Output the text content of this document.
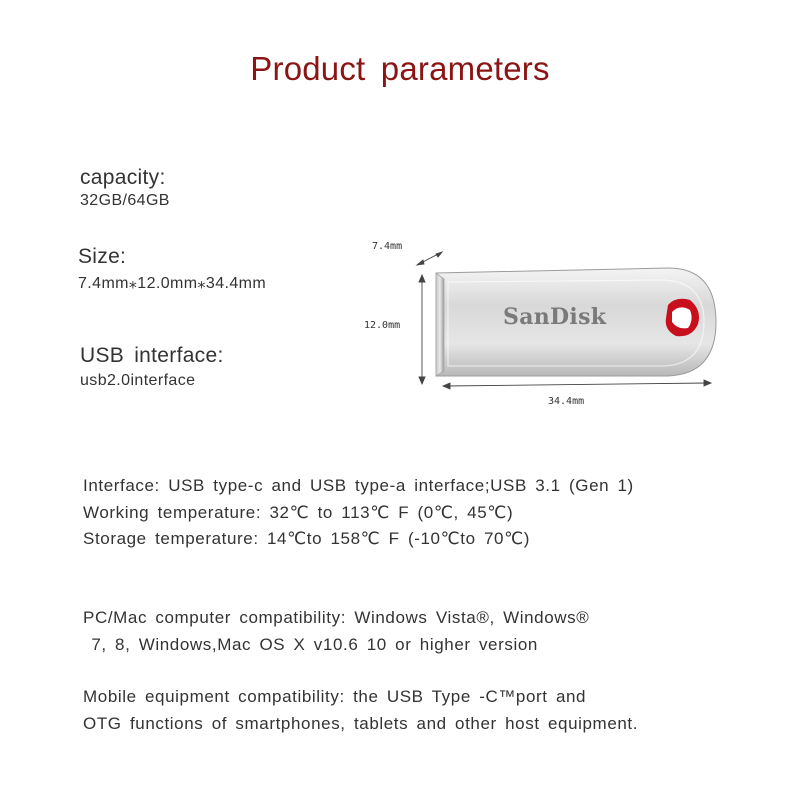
Product parameters
capacity:
32GB/64GB
Size:
7.4mm⁎12.0mm⁎34.4mm
USB interface:
usb2.0interface
7.4mm
12.0mm
34.4mm
SanDisk
Interface: USB type-c and USB type-a interface;USB 3.1 (Gen 1)
Working temperature: 32℃ to 113℃ F (0℃, 45℃)
Storage temperature: 14℃to 158℃ F (-10℃to 70℃)
PC/Mac computer compatibility: Windows Vista®, Windows®
7, 8, Windows,Mac OS X v10.6 10 or higher version
Mobile equipment compatibility: the USB Type -C™port and
OTG functions of smartphones, tablets and other host equipment.
